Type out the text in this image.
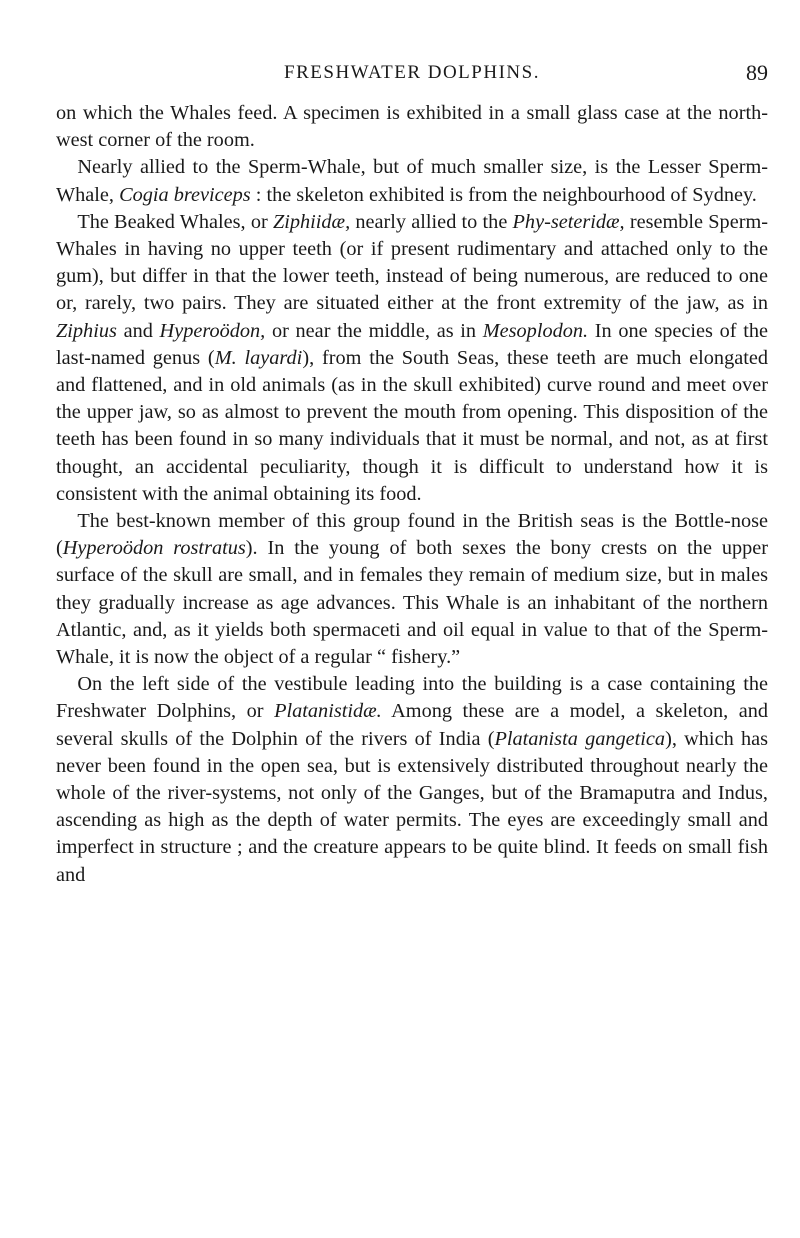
FRESHWATER DOLPHINS.	89

on which the Whales feed. A specimen is exhibited in a small glass case at the north-west corner of the room.

Nearly allied to the Sperm-Whale, but of much smaller size, is the Lesser Sperm-Whale, Cogia breviceps : the skeleton exhibited is from the neighbourhood of Sydney.

The Beaked Whales, or Ziphiidæ, nearly allied to the Phy-seteridæ, resemble Sperm-Whales in having no upper teeth (or if present rudimentary and attached only to the gum), but differ in that the lower teeth, instead of being numerous, are reduced to one or, rarely, two pairs. They are situated either at the front extremity of the jaw, as in Ziphius and Hyperoödon, or near the middle, as in Mesoplodon. In one species of the last-named genus (M. layardi), from the South Seas, these teeth are much elongated and flattened, and in old animals (as in the skull exhibited) curve round and meet over the upper jaw, so as almost to prevent the mouth from opening. This disposition of the teeth has been found in so many individuals that it must be normal, and not, as at first thought, an accidental peculiarity, though it is difficult to understand how it is consistent with the animal obtaining its food.

The best-known member of this group found in the British seas is the Bottle-nose (Hyperoödon rostratus). In the young of both sexes the bony crests on the upper surface of the skull are small, and in females they remain of medium size, but in males they gradually increase as age advances. This Whale is an inhabitant of the northern Atlantic, and, as it yields both spermaceti and oil equal in value to that of the Sperm-Whale, it is now the object of a regular “ fishery.”

On the left side of the vestibule leading into the building is a case containing the Freshwater Dolphins, or Platanistidæ. Among these are a model, a skeleton, and several skulls of the Dolphin of the rivers of India (Platanista gangetica), which has never been found in the open sea, but is extensively distributed throughout nearly the whole of the river-systems, not only of the Ganges, but of the Bramaputra and Indus, ascending as high as the depth of water permits. The eyes are exceedingly small and imperfect in structure ; and the creature appears to be quite blind. It feeds on small fish and
